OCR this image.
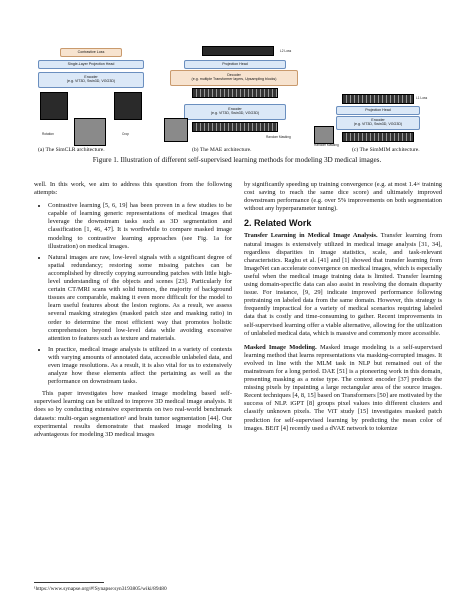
Contrastive Loss
Single-Layer Projection Head
Encoder
(e.g. ViT3D, Swin3D, VGG3D)
Rotation	Crop
(a) The SimCLR architecture.
L2 Loss
Projection Head
Decoder
(e.g. multiple Transformer layers, Upsampling blocks)
Encoder
(e.g. ViT3D, Swin3D, VGG3D)
Random Masking
(b) The MAE architecture.
L1 Loss
Projection Head
Encoder
(e.g. ViT3D, Swin3D, VGG3D)
Random Masking
(c) The SimMIM architecture.
Figure 1. Illustration of different self-supervised learning methods for modeling 3D medical images.

well. In this work, we aim to address this question from the following attempts:

• Contrastive learning [5, 6, 19] has been proven in a few studies to be capable of learning generic representations of medical images that leverage the downstream tasks such as 3D segmentation and classification [1, 46, 47]. It is worthwhile to compare masked image modeling to contrastive learning approaches (see Fig. 1a for illustration) on medical images.
• Natural images are raw, low-level signals with a significant degree of spatial redundancy; restoring some missing patches can be accomplished by directly copying surrounding patches with little high-level understanding of the objects and scenes [23]. Particularly for certain CT/MRI scans with solid tumors, the majority of background tissues are comparable, making it even more difficult for the model to learn useful features about the lesion regions. As a result, we assess several masking strategies (masked patch size and masking ratio) in order to determine the most efficient way that promotes holistic comprehension beyond low-level data while avoiding excessive attention to features such as texture and materials.
• In practice, medical image analysis is utilized in a variety of contexts with varying amounts of annotated data, accessible unlabeled data, and even image resolutions. As a result, it is also vital for us to extensively analyze how these elements affect the pertaining as well as the performance on downstream tasks.

This paper investigates how masked image modeling based self-supervised learning can be utilized to improve 3D medical image analysis. It does so by conducting extensive experiments on two real-world benchmark datasets: multi-organ segmentation¹ and brain tumor segmentation [44]. Our experimental results demonstrate that masked image modeling is advantageous for modeling 3D medical images

¹https://www.synapse.org/#!Synapse:syn3193805/wiki/89480

by significantly speeding up training convergence (e.g. at most 1.4× training cost saving to reach the same dice score) and ultimately improved downstream performance (e.g. over 5% improvements on both segmentation without any hyperparameter tuning).

2. Related Work

Transfer Learning in Medical Image Analysis. Transfer learning from natural images is extensively utilized in medical image analysis [31, 34], regardless disparities in image statistics, scale, and task-relevant characteristics. Raghu et al. [41] and [1] showed that transfer learning from ImageNet can accelerate convergence on medical images, which is especially useful when the medical image training data is limited. Transfer learning using domain-specific data can also assist in resolving the domain disparity issue. For instance, [9, 29] indicate improved performance following pretraining on labeled data from the same domain. However, this strategy is frequently impractical for a variety of medical scenarios requiring labeled data that is costly and time-consuming to gather. Recent improvements in self-supervised learning offer a viable alternative, allowing for the utilization of unlabeled medical data, which is massive and commonly more accessible.

Masked Image Modeling. Masked image modeling is a self-supervised learning method that learns representations via masking-corrupted images. It evolved in line with the MLM task in NLP but remained out of the mainstream for a long period. DAE [51] is a pioneering work in this domain, presenting masking as a noise type. The context encoder [37] predicts the missing pixels by inpainting a large rectangular area of the source images. Recent techniques [4, 8, 15] based on Transformers [50] are motivated by the success of NLP. iGPT [8] groups pixel values into different clusters and classify unknown pixels. The ViT study [15] investigates masked patch prediction for self-supervised learning by predicting the mean color of images. BEiT [4] recently used a dVAE network to tokenize
